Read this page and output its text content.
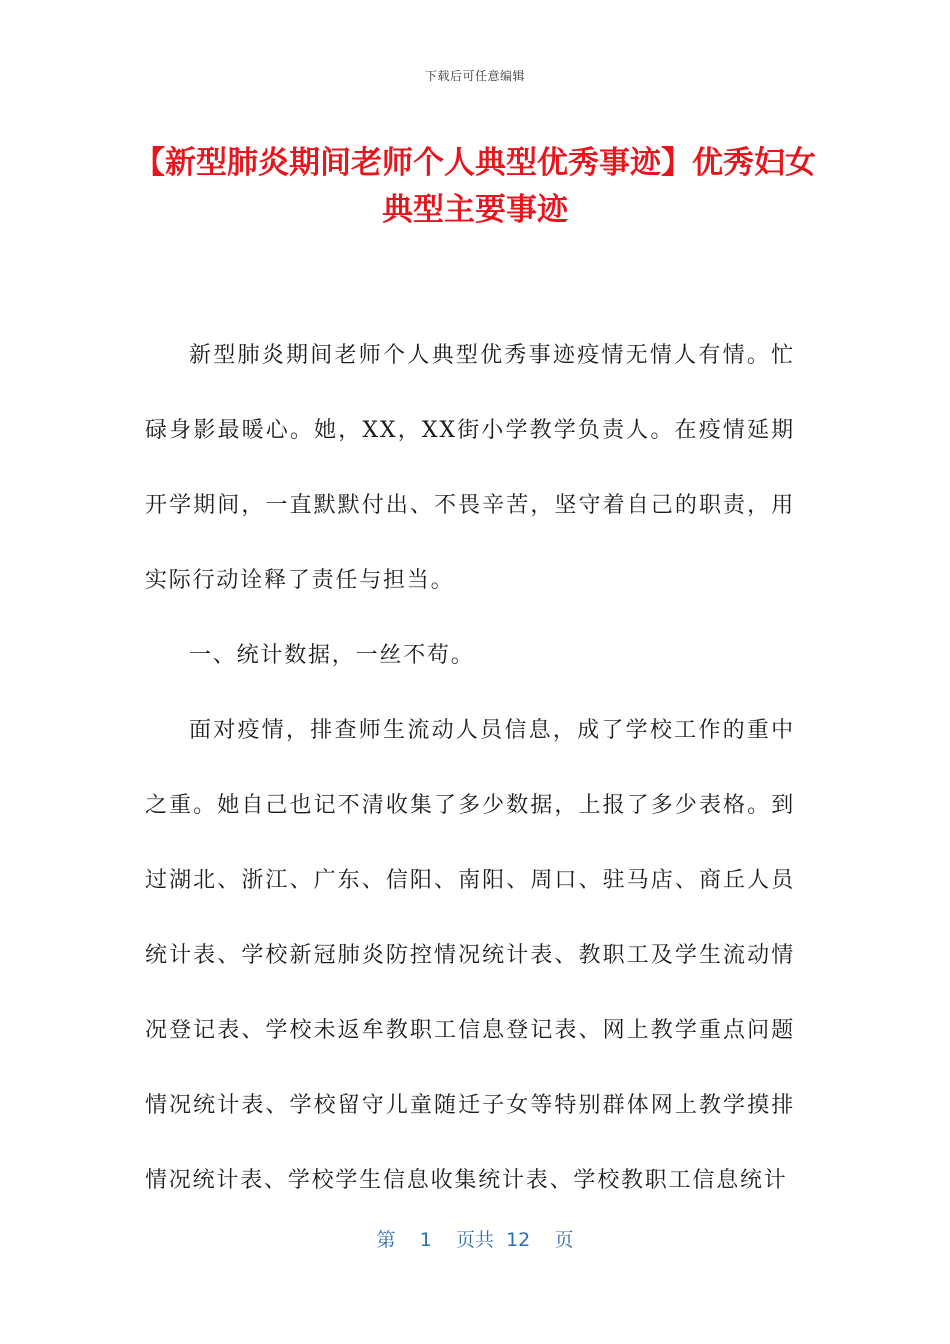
下载后可任意编辑
【新型肺炎期间老师个人典型优秀事迹】优秀妇女典型主要事迹

新型肺炎期间老师个人典型优秀事迹疫情无情人有情。忙碌身影最暖心。她，XX，XX街小学教学负责人。在疫情延期开学期间，一直默默付出、不畏辛苦，坚守着自己的职责，用实际行动诠释了责任与担当。

一、统计数据，一丝不苟。

面对疫情，排查师生流动人员信息，成了学校工作的重中之重。她自己也记不清收集了多少数据，上报了多少表格。到过湖北、浙江、广东、信阳、南阳、周口、驻马店、商丘人员统计表、学校新冠肺炎防控情况统计表、教职工及学生流动情况登记表、学校未返牟教职工信息登记表、网上教学重点问题情况统计表、学校留守儿童随迁子女等特别群体网上教学摸排情况统计表、学校学生信息收集统计表、学校教职工信息统计

第 1 页共 12 页
